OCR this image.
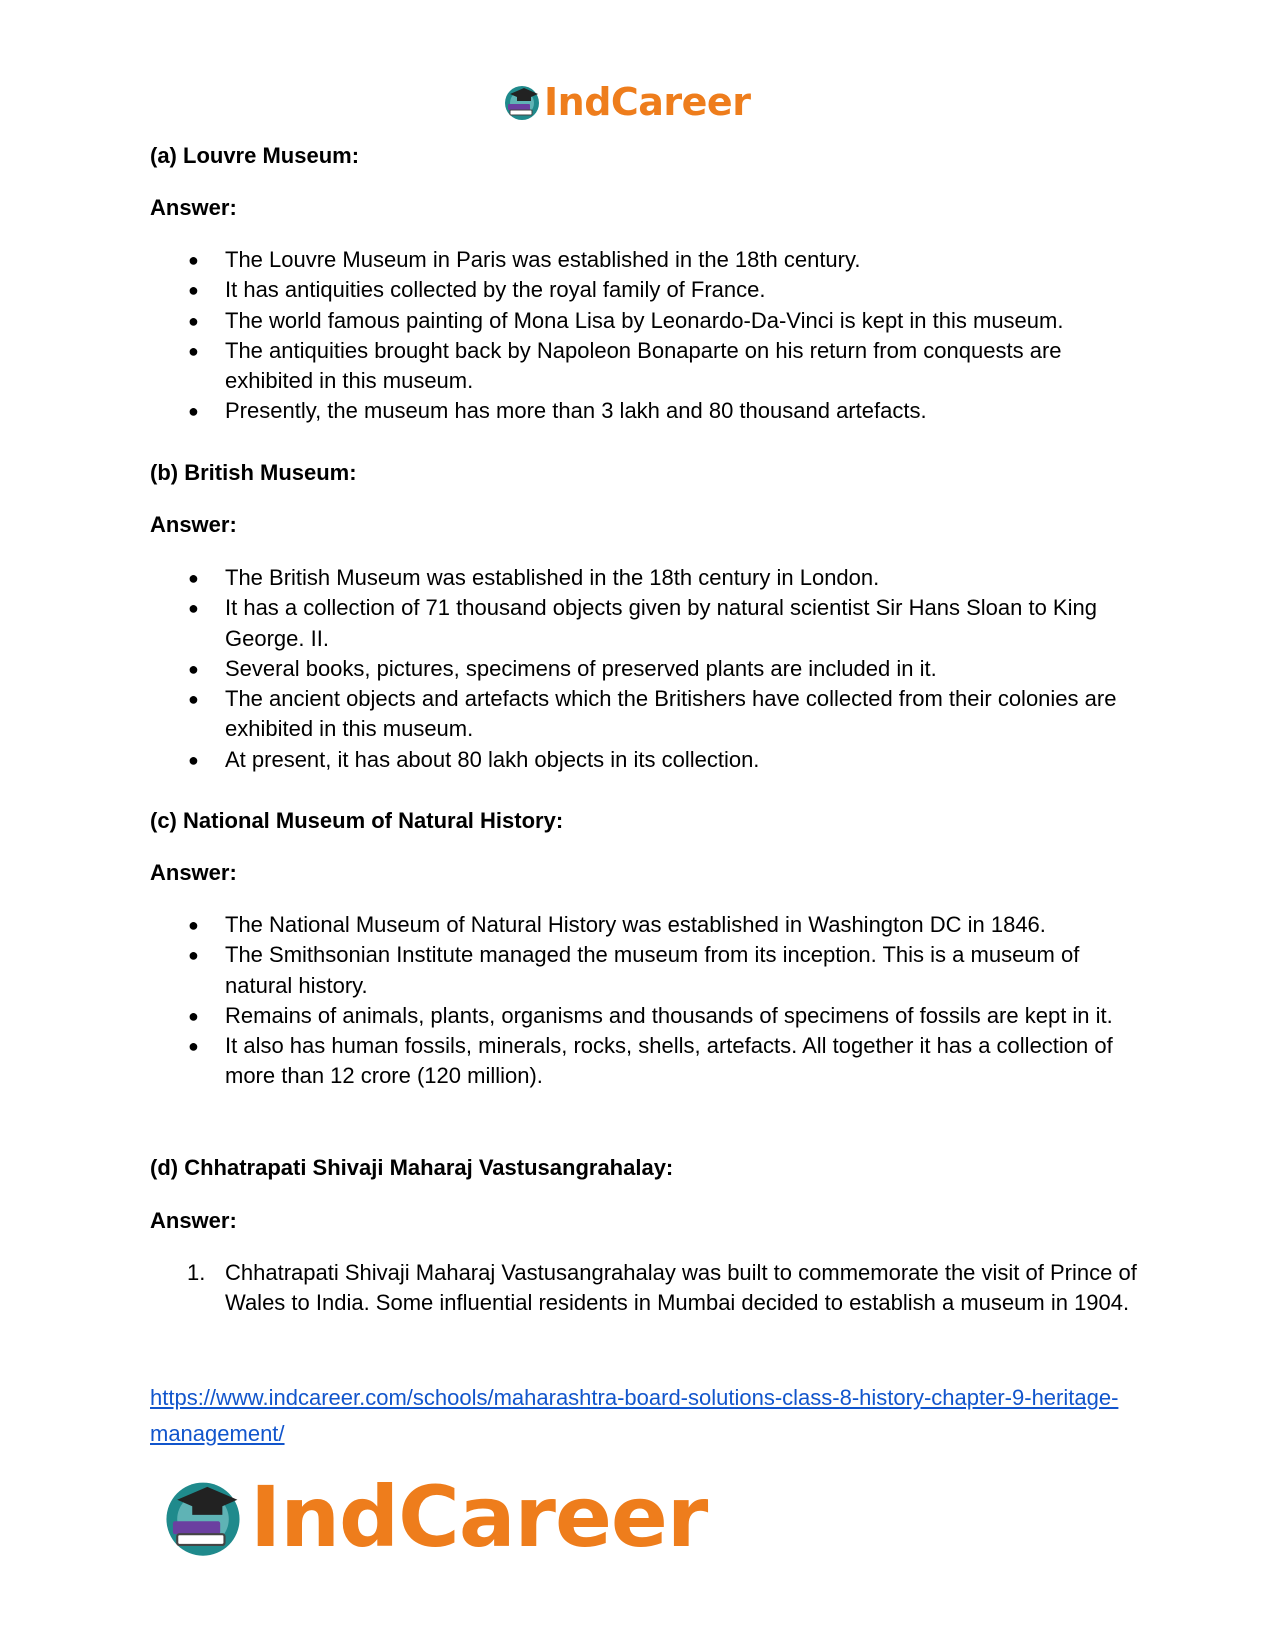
IndCareer
(a) Louvre Museum:
Answer:
● The Louvre Museum in Paris was established in the 18th century.
● It has antiquities collected by the royal family of France.
● The world famous painting of Mona Lisa by Leonardo-Da-Vinci is kept in this museum.
● The antiquities brought back by Napoleon Bonaparte on his return from conquests are exhibited in this museum.
● Presently, the museum has more than 3 lakh and 80 thousand artefacts.
(b) British Museum:
Answer:
● The British Museum was established in the 18th century in London.
● It has a collection of 71 thousand objects given by natural scientist Sir Hans Sloan to King George. II.
● Several books, pictures, specimens of preserved plants are included in it.
● The ancient objects and artefacts which the Britishers have collected from their colonies are exhibited in this museum.
● At present, it has about 80 lakh objects in its collection.
(c) National Museum of Natural History:
Answer:
● The National Museum of Natural History was established in Washington DC in 1846.
● The Smithsonian Institute managed the museum from its inception. This is a museum of natural history.
● Remains of animals, plants, organisms and thousands of specimens of fossils are kept in it.
● It also has human fossils, minerals, rocks, shells, artefacts. All together it has a collection of more than 12 crore (120 million).
(d) Chhatrapati Shivaji Maharaj Vastusangrahalay:
Answer:
1. Chhatrapati Shivaji Maharaj Vastusangrahalay was built to commemorate the visit of Prince of Wales to India. Some influential residents in Mumbai decided to establish a museum in 1904.
https://www.indcareer.com/schools/maharashtra-board-solutions-class-8-history-chapter-9-heritage-management/
IndCareer
